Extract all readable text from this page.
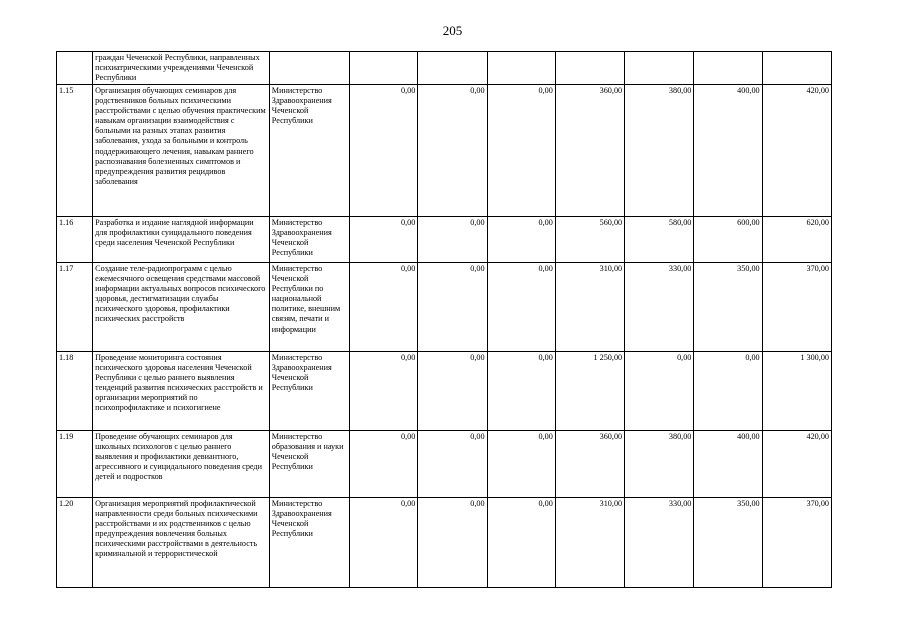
205
	граждан Чеченской Республики, направленных психиатрическими учреждениями Чеченской Республики								
1.15	Организация обучающих семинаров для родственников больных психическими расстройствами с целью обучения практическим навыкам организации взаимодействия с больными на разных этапах развития заболевания, ухода за больными и контроль поддерживающего лечения, навыкам раннего распознавания болезненных симптомов и предупреждения развития рецидивов заболевания	Министерство Здравоохранения Чеченской Республики	0,00	0,00	0,00	360,00	380,00	400,00	420,00
1.16	Разработка и издание наглядной информации для профилактики суицидального поведения среди населения Чеченской Республики	Министерство Здравоохранения Чеченской Республики	0,00	0,00	0,00	560,00	580,00	600,00	620,00
1.17	Создание теле-радиопрограмм с целью ежемесячного освещения средствами массовой информации актуальных вопросов психического здоровья, дестигматизации службы психического здоровья, профилактики психических расстройств	Министерство Чеченской Республики по национальной политике, внешним связям, печати и информации	0,00	0,00	0,00	310,00	330,00	350,00	370,00
1.18	Проведение мониторинга состояния психического здоровья населения Чеченской Республики с целью раннего выявления тенденций развития психических расстройств и организации мероприятий по психопрофилактике и психогигиене	Министерство Здравоохранения Чеченской Республики	0,00	0,00	0,00	1 250,00	0,00	0,00	1 300,00
1.19	Проведение обучающих семинаров для школьных психологов с целью раннего выявления и профилактики девиантного, агрессивного и суицидального поведения среди детей и подростков	Министерство образования и науки Чеченской Республики	0,00	0,00	0,00	360,00	380,00	400,00	420,00
1.20	Организация мероприятий профилактической направленности среди больных психическими расстройствами и их родственников с целью предупреждения вовлечения больных психическими расстройствами в деятельность криминальной и террористической	Министерство Здравоохранения Чеченской Республики	0,00	0,00	0,00	310,00	330,00	350,00	370,00
